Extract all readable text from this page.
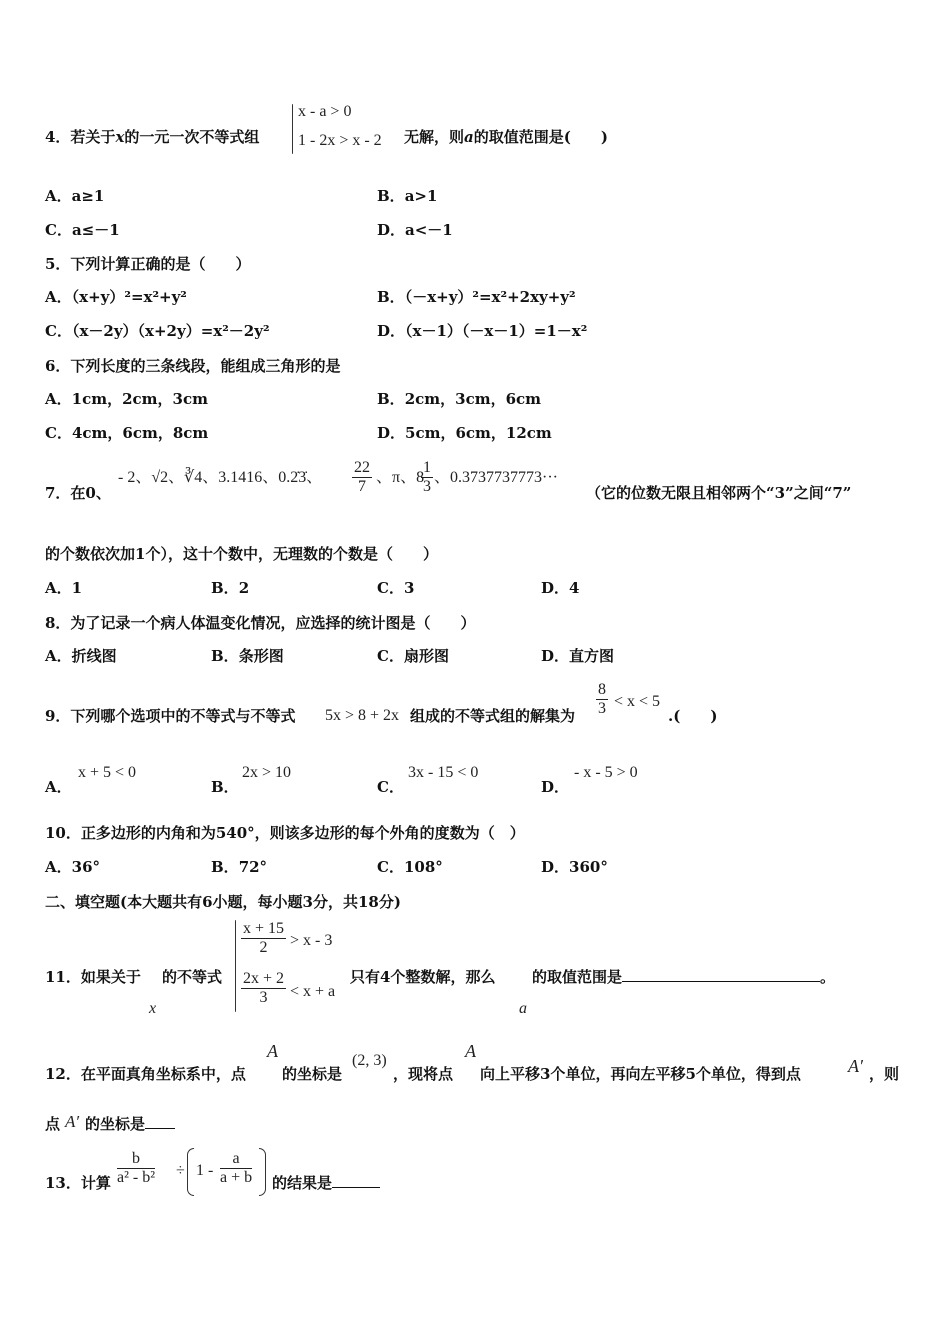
4．若关于x的一元一次不等式组
x - a > 0
1 - 2x > x - 2 无解，则a的取值范围是(　　)
A．a≥1	B．a>1
C．a≤－1	D．a<－1
5．下列计算正确的是（　　）
A．（x+y）²=x²+y²	B．（－x+y）²=x²+2xy+y²
C．（x－2y）（x+2y）=x²－2y²	D．（x－1）（－x－1）=1－x²
6．下列长度的三条线段，能组成三角形的是
A．1cm，2cm，3cm	B．2cm，3cm，6cm
C．4cm，6cm，8cm	D．5cm，6cm，12cm
7．在0、
- 2、√2、∛4、3.1416、0.2̇3̇、
22
7
、π、8
1
3
、0.3737737773···
（它的位数无限且相邻两个“3”之间“7”
的个数依次加1个），这十个数中，无理数的个数是（　　）
A．1	B．2	C．3	D．4
8．为了记录一个病人体温变化情况，应选择的统计图是（　　）
A．折线图	B．条形图	C．扇形图	D．直方图
9．下列哪个选项中的不等式与不等式 5x > 8 + 2x 组成的不等式组的解集为
8
3 < x < 5
.(　　)
A．
x + 5 < 0
B．
2x > 10
C．
3x - 15 < 0
D．
- x - 5 > 0
10．正多边形的内角和为540°，则该多边形的每个外角的度数为（　）
A．36°	B．72°	C．108°	D．360°
二、填空题(本大题共有6小题，每小题3分，共18分)
11．如果关于
x
的不等式
x + 15
2 > x - 3
2x + 2
3 < x + a
只有4个整数解，那么
a
的取值范围是	。
12．在平面真角坐标系中，点
A
的坐标是
(2, 3)
，现将点
A
向上平移3个单位，再向左平移5个单位，得到点	A′ ，则
点 A′ 的坐标是
13．计算
b
a² - b² ÷ 1 -
a
a + b 的结果是
